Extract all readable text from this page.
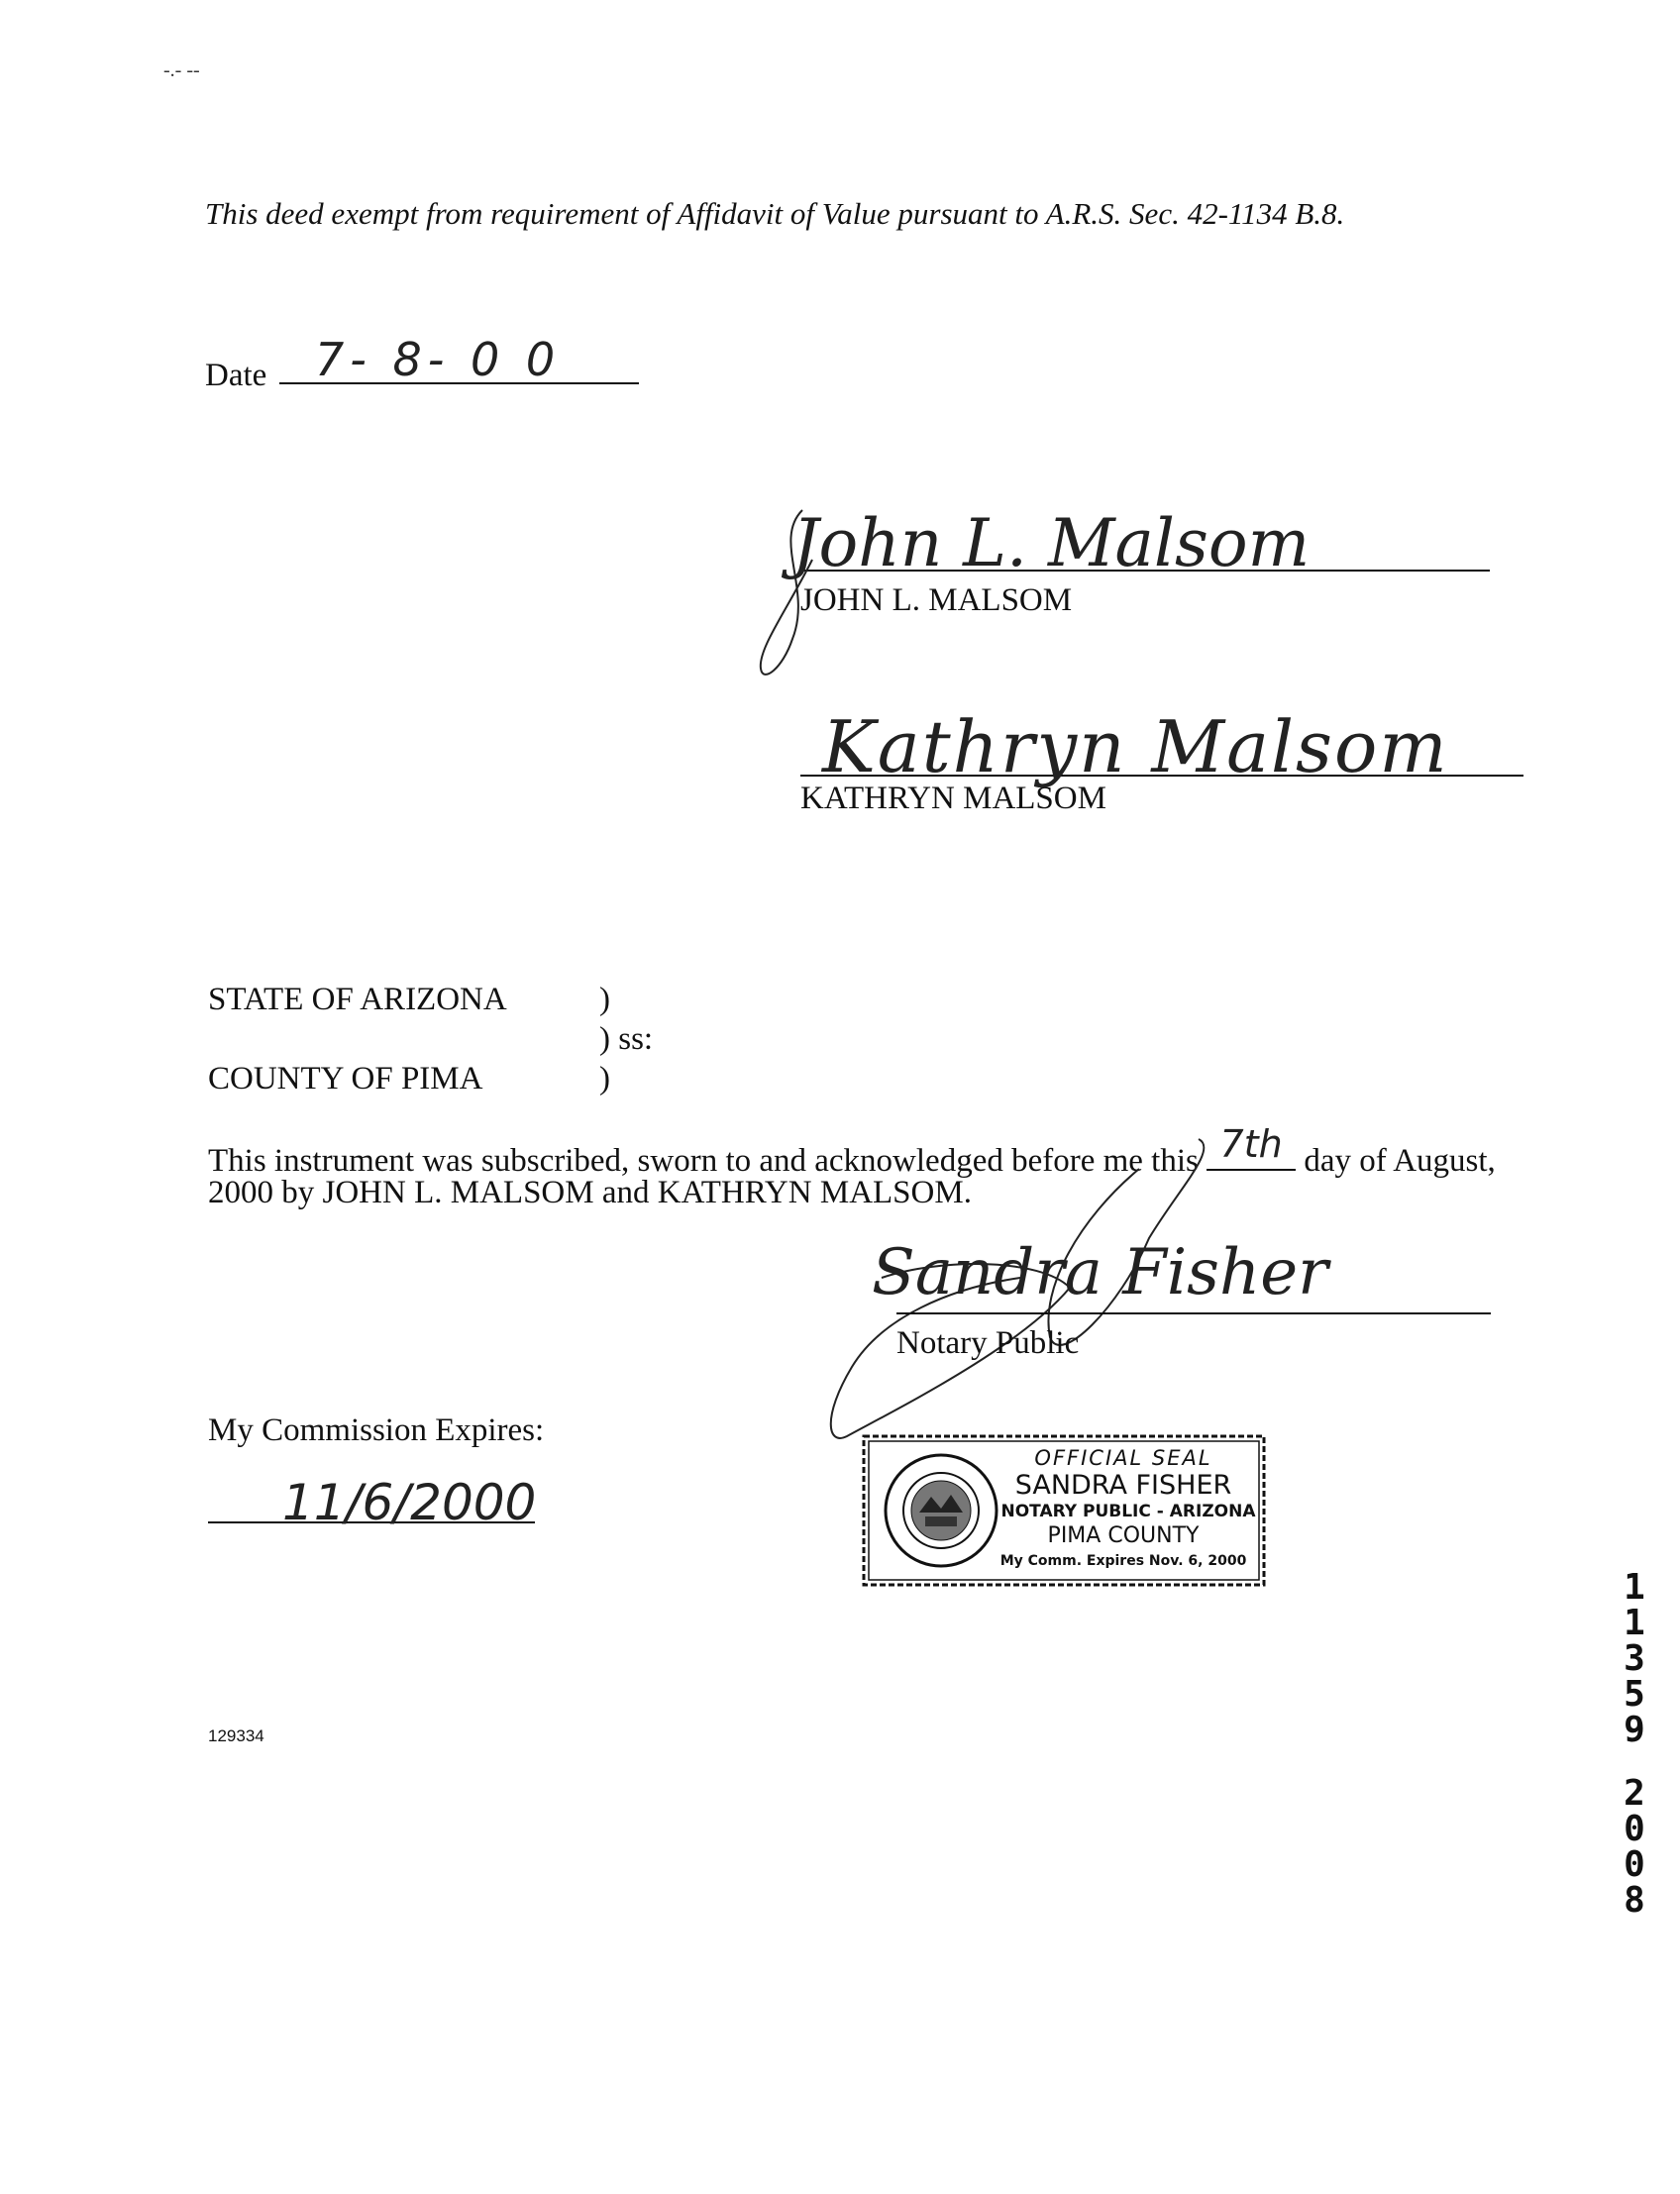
-.- --
This deed exempt from requirement of Affidavit of Value pursuant to A.R.S. Sec. 42-1134 B.8.
Date 7- 8- 0 0
John L. Malsom
JOHN L. MALSOM
Kathryn Malsom
KATHRYN MALSOM
STATE OF ARIZONA	)
) ss:
COUNTY OF PIMA	)
This instrument was subscribed, sworn to and acknowledged before me this 7th day of August,
2000 by JOHN L. MALSOM and KATHRYN MALSOM.
Sandra Fisher
Notary Public
My Commission Expires:
11/6/2000
OFFICIAL SEAL
SANDRA FISHER
NOTARY PUBLIC - ARIZONA
PIMA COUNTY
My Comm. Expires Nov. 6, 2000
129334
1
1
3
5
9
2
0
0
8
